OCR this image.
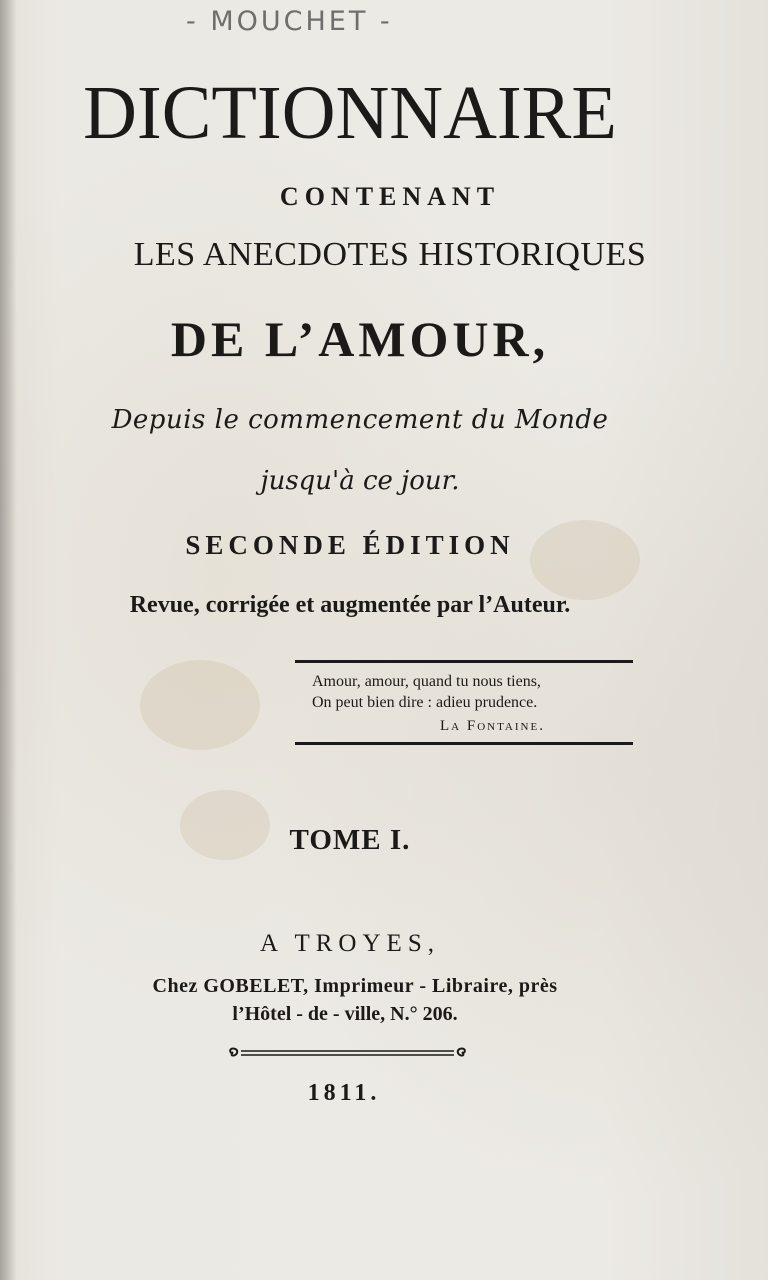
- MOUCHET -
DICTIONNAIRE
CONTENANT
LES ANECDOTES HISTORIQUES
DE L’AMOUR,
Depuis le commencement du Monde
jusqu'à ce jour.
SECONDE ÉDITION
Revue, corrigée et augmentée par l’Auteur.
Amour, amour, quand tu nous tiens,
On peut bien dire : adieu prudence.
La Fontaine.
TOME I.
A TROYES,
Chez GOBELET, Imprimeur - Libraire, près
l’Hôtel - de - ville, N.° 206.
1811.
